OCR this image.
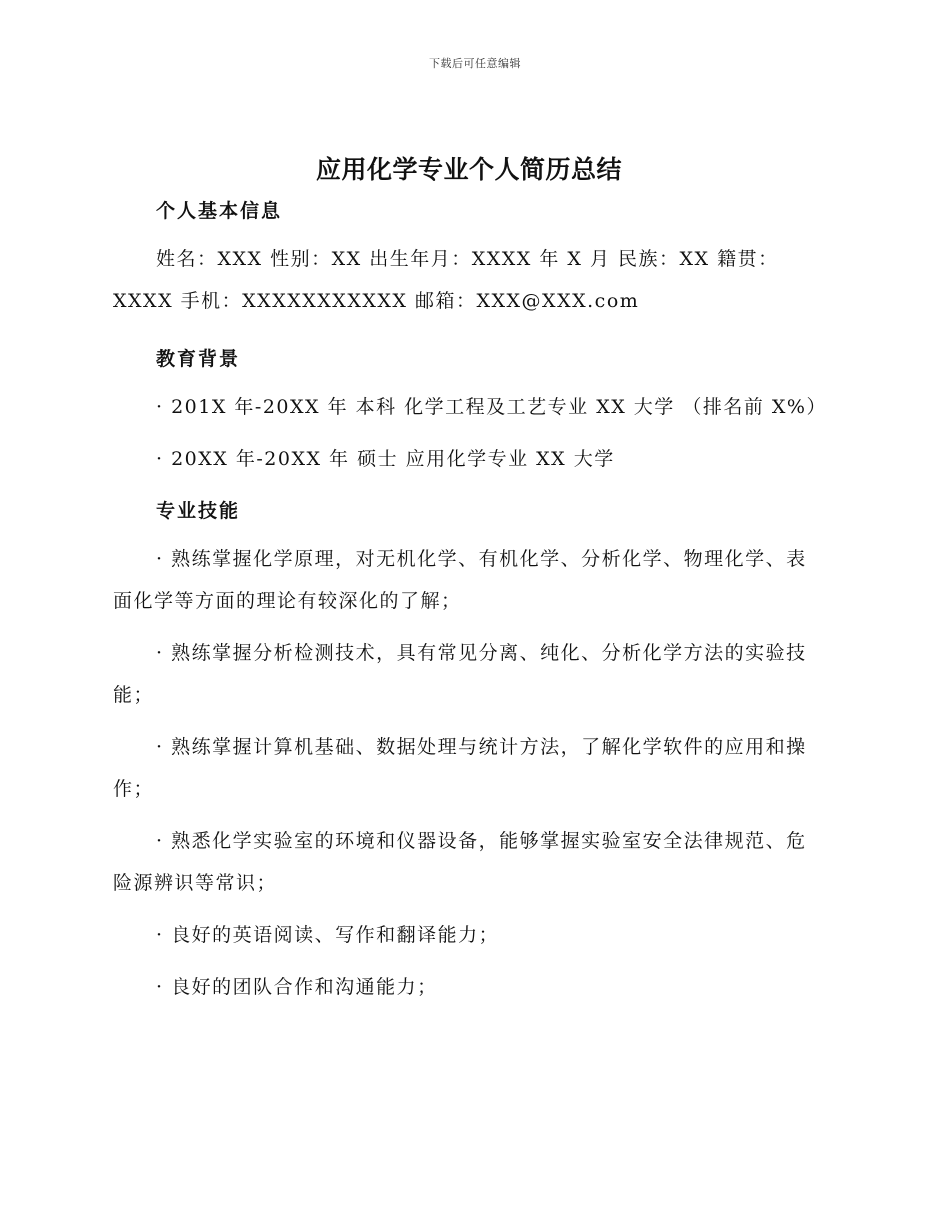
下载后可任意编辑
应用化学专业个人简历总结
个人基本信息

姓名：XXX 性别：XX 出生年月：XXXX 年 X 月 民族：XX 籍贯：XXXX 手机：XXXXXXXXXXX 邮箱：XXX@XXX.com

教育背景

· 201X 年-20XX 年 本科 化学工程及工艺专业 XX 大学 （排名前 X%）

· 20XX 年-20XX 年 硕士 应用化学专业 XX 大学

专业技能

· 熟练掌握化学原理，对无机化学、有机化学、分析化学、物理化学、表面化学等方面的理论有较深化的了解；

· 熟练掌握分析检测技术，具有常见分离、纯化、分析化学方法的实验技能；

· 熟练掌握计算机基础、数据处理与统计方法，了解化学软件的应用和操作；

· 熟悉化学实验室的环境和仪器设备，能够掌握实验室安全法律规范、危险源辨识等常识；

· 良好的英语阅读、写作和翻译能力；

· 良好的团队合作和沟通能力；
